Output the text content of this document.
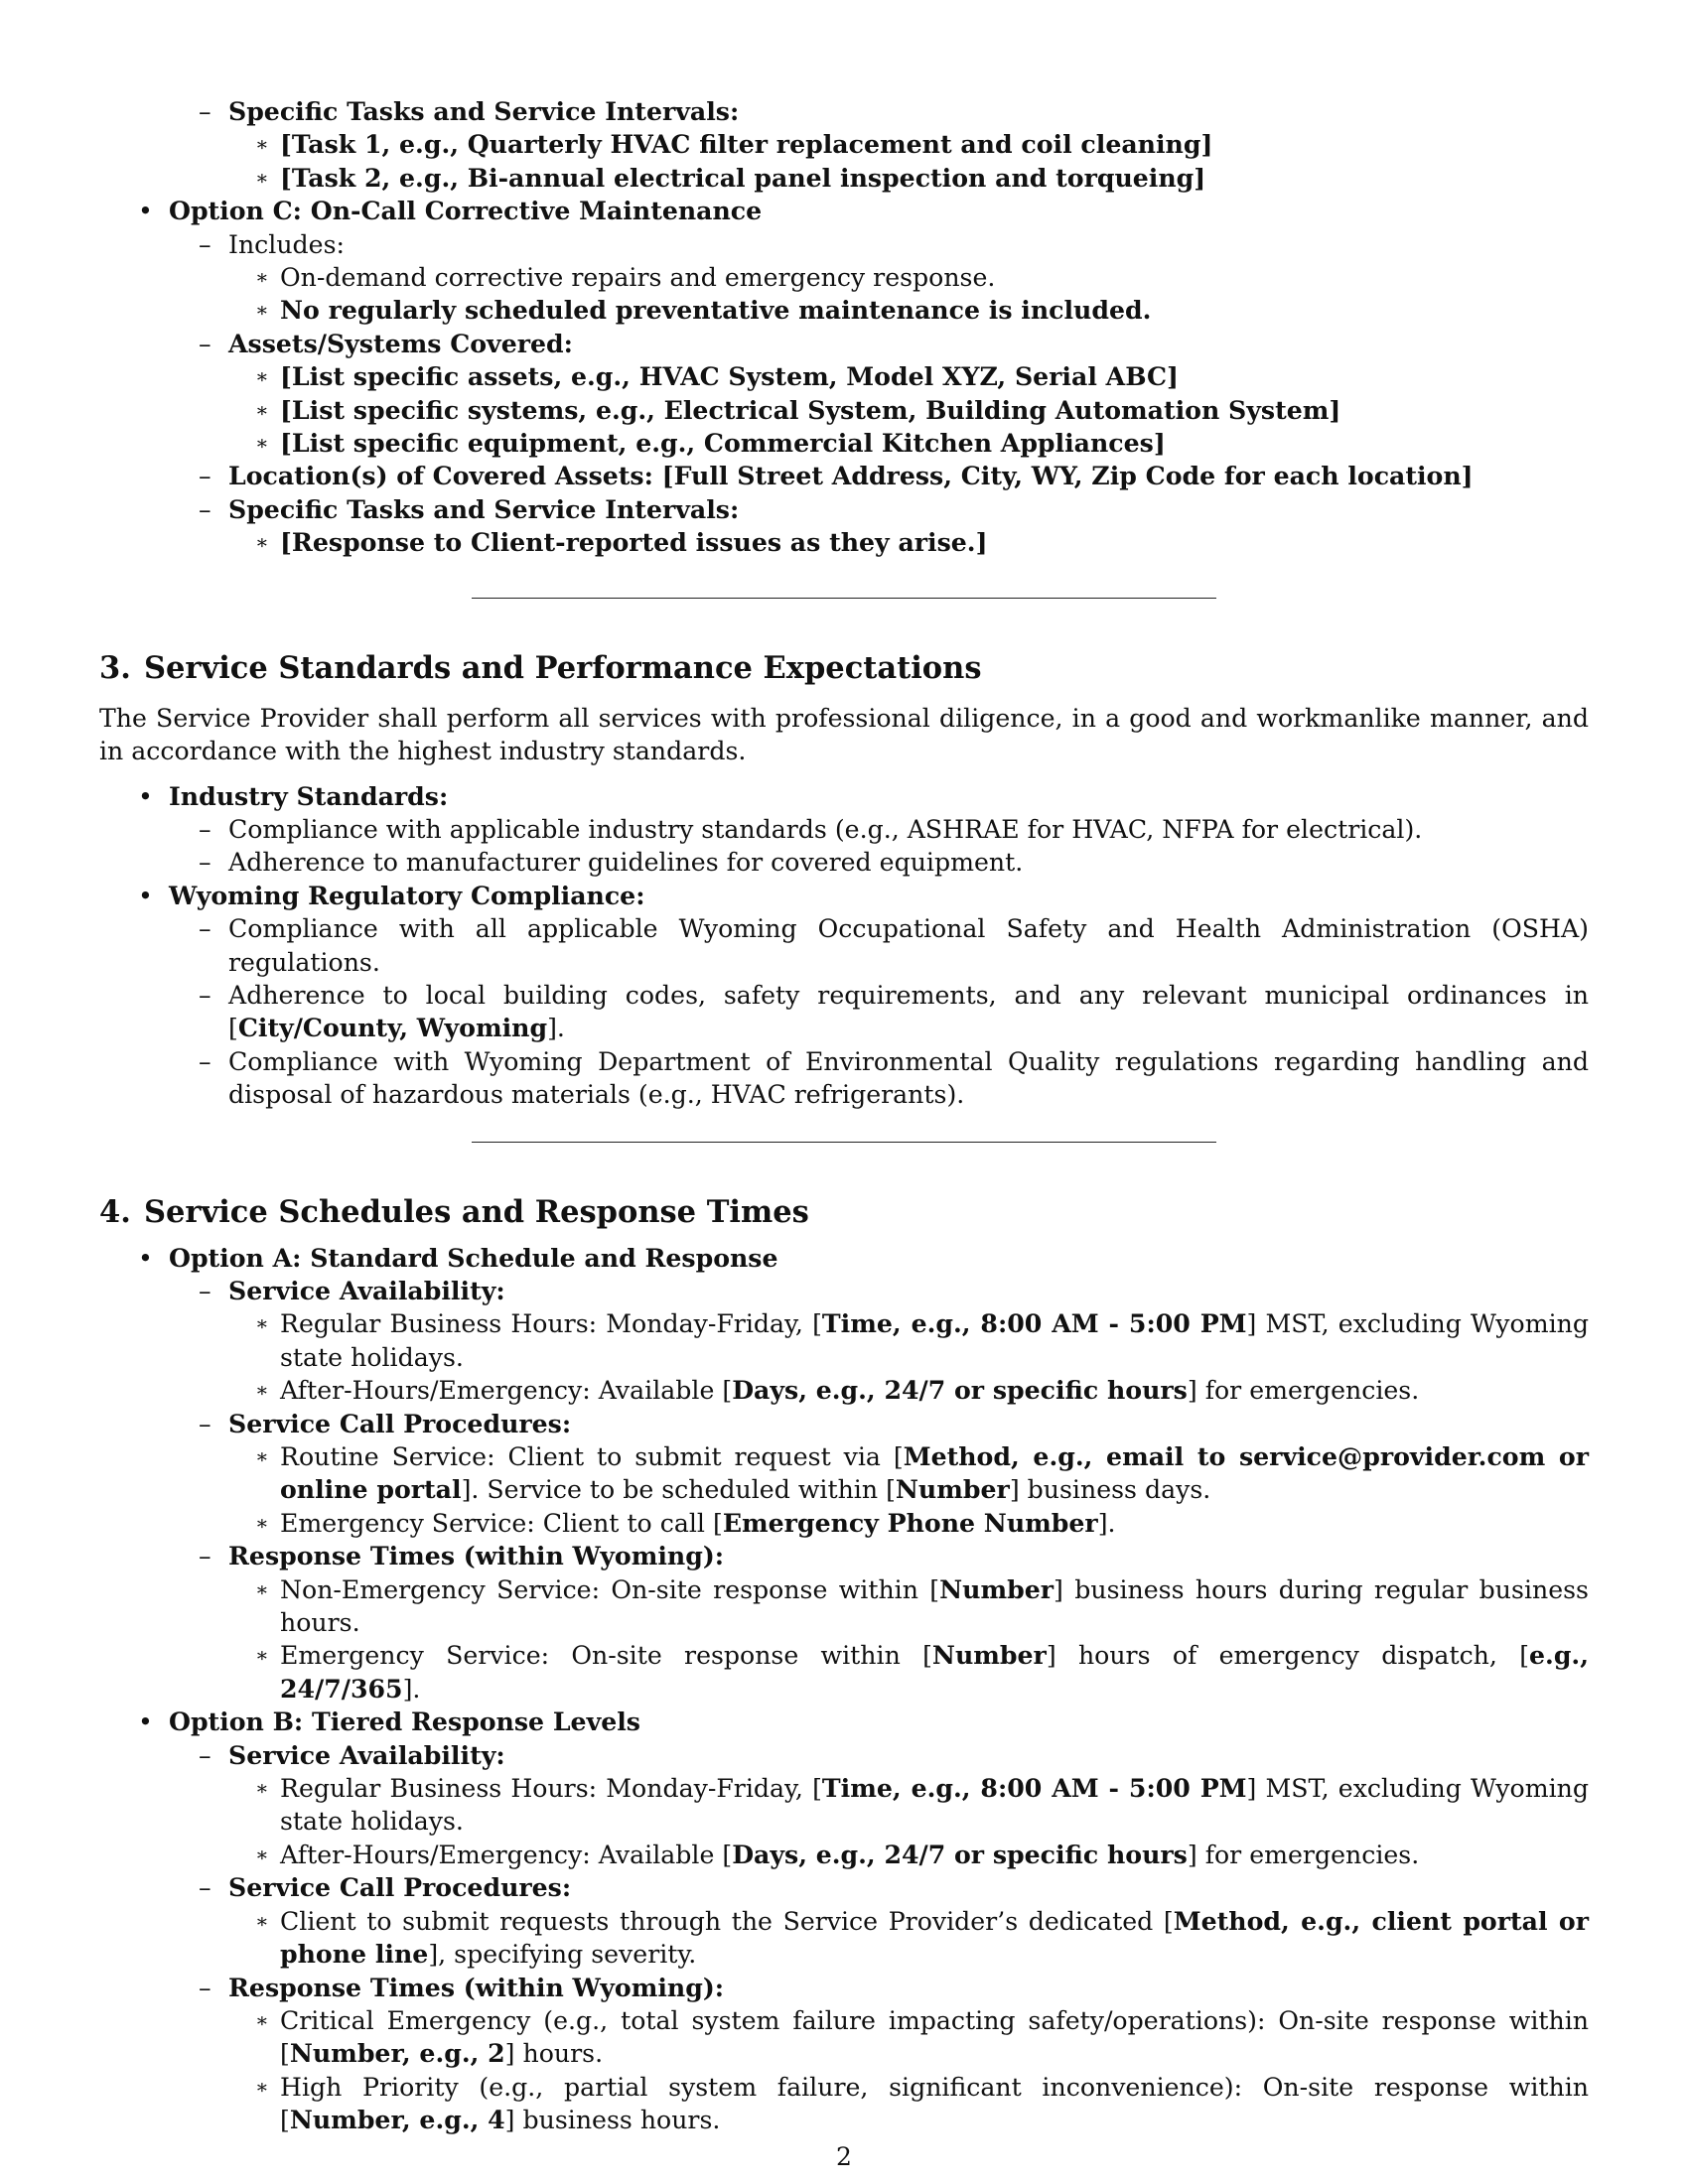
– Specific Tasks and Service Intervals:
∗ [Task 1, e.g., Quarterly HVAC filter replacement and coil cleaning]
∗ [Task 2, e.g., Bi-annual electrical panel inspection and torqueing]
• Option C: On-Call Corrective Maintenance
– Includes:
∗ On-demand corrective repairs and emergency response.
∗ No regularly scheduled preventative maintenance is included.
– Assets/Systems Covered:
∗ [List specific assets, e.g., HVAC System, Model XYZ, Serial ABC]
∗ [List specific systems, e.g., Electrical System, Building Automation System]
∗ [List specific equipment, e.g., Commercial Kitchen Appliances]
– Location(s) of Covered Assets: [Full Street Address, City, WY, Zip Code for each location]
– Specific Tasks and Service Intervals:
∗ [Response to Client-reported issues as they arise.]
3. Service Standards and Performance Expectations

The Service Provider shall perform all services with professional diligence, in a good and workmanlike manner, and in accordance with the highest industry standards.

• Industry Standards:
– Compliance with applicable industry standards (e.g., ASHRAE for HVAC, NFPA for electrical).
– Adherence to manufacturer guidelines for covered equipment.
• Wyoming Regulatory Compliance:
– Compliance with all applicable Wyoming Occupational Safety and Health Administration (OSHA) regulations.
– Adherence to local building codes, safety requirements, and any relevant municipal ordinances in [City/County, Wyoming].
– Compliance with Wyoming Department of Environmental Quality regulations regarding handling and disposal of hazardous materials (e.g., HVAC refrigerants).
4. Service Schedules and Response Times
• Option A: Standard Schedule and Response
– Service Availability:
∗ Regular Business Hours: Monday-Friday, [Time, e.g., 8:00 AM - 5:00 PM] MST, excluding Wyoming state holidays.
∗ After-Hours/Emergency: Available [Days, e.g., 24/7 or specific hours] for emergencies.
– Service Call Procedures:
∗ Routine Service: Client to submit request via [Method, e.g., email to service@provider.com or online portal]. Service to be scheduled within [Number] business days.
∗ Emergency Service: Client to call [Emergency Phone Number].
– Response Times (within Wyoming):
∗ Non-Emergency Service: On-site response within [Number] business hours during regular business hours.
∗ Emergency Service: On-site response within [Number] hours of emergency dispatch, [e.g., 24/7/365].
• Option B: Tiered Response Levels
– Service Availability:
∗ Regular Business Hours: Monday-Friday, [Time, e.g., 8:00 AM - 5:00 PM] MST, excluding Wyoming state holidays.
∗ After-Hours/Emergency: Available [Days, e.g., 24/7 or specific hours] for emergencies.
– Service Call Procedures:
∗ Client to submit requests through the Service Provider’s dedicated [Method, e.g., client portal or phone line], specifying severity.
– Response Times (within Wyoming):
∗ Critical Emergency (e.g., total system failure impacting safety/operations): On-site response within [Number, e.g., 2] hours.
∗ High Priority (e.g., partial system failure, significant inconvenience): On-site response within [Number, e.g., 4] business hours.
2
